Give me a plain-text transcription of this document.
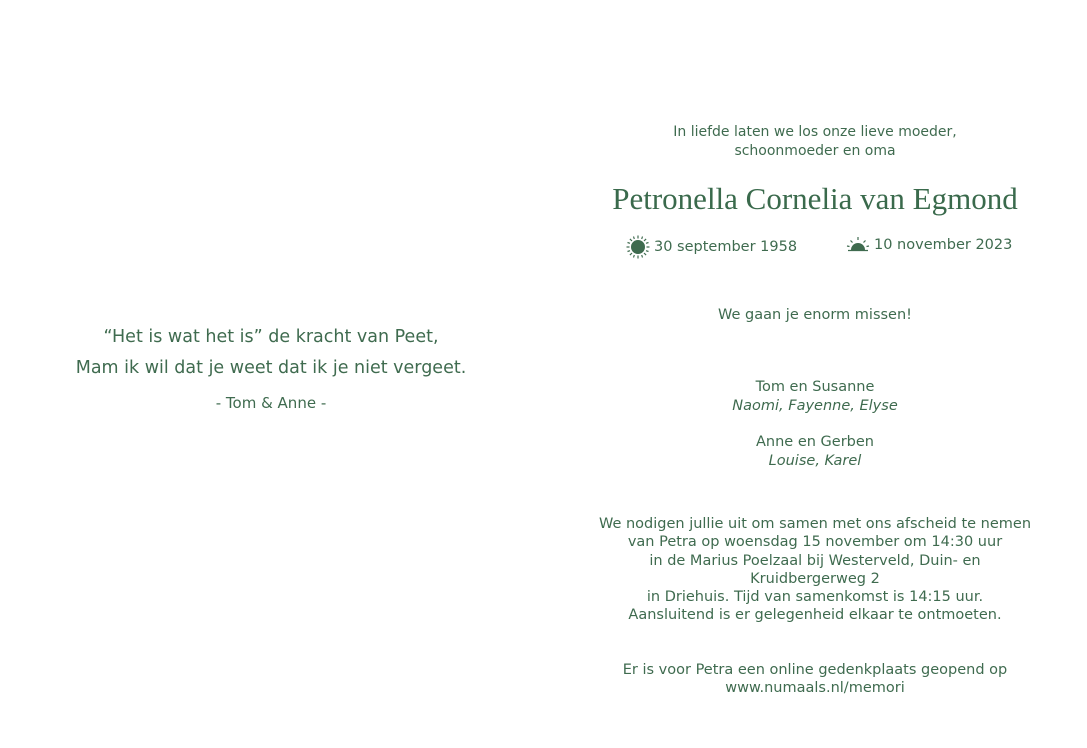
“Het is wat het is” de kracht van Peet,
Mam ik wil dat je weet dat ik je niet vergeet.
- Tom & Anne -
In liefde laten we los onze lieve moeder,
schoonmoeder en oma
Petronella Cornelia van Egmond
30 september 1958	10 november 2023
We gaan je enorm missen!
Tom en Susanne
Naomi, Fayenne, Elyse
Anne en Gerben
Louise, Karel
We nodigen jullie uit om samen met ons afscheid te nemen
van Petra op woensdag 15 november om 14:30 uur
in de Marius Poelzaal bij Westerveld, Duin- en Kruidbergerweg 2
in Driehuis. Tijd van samenkomst is 14:15 uur.
Aansluitend is er gelegenheid elkaar te ontmoeten.
Er is voor Petra een online gedenkplaats geopend op
www.numaals.nl/memori
